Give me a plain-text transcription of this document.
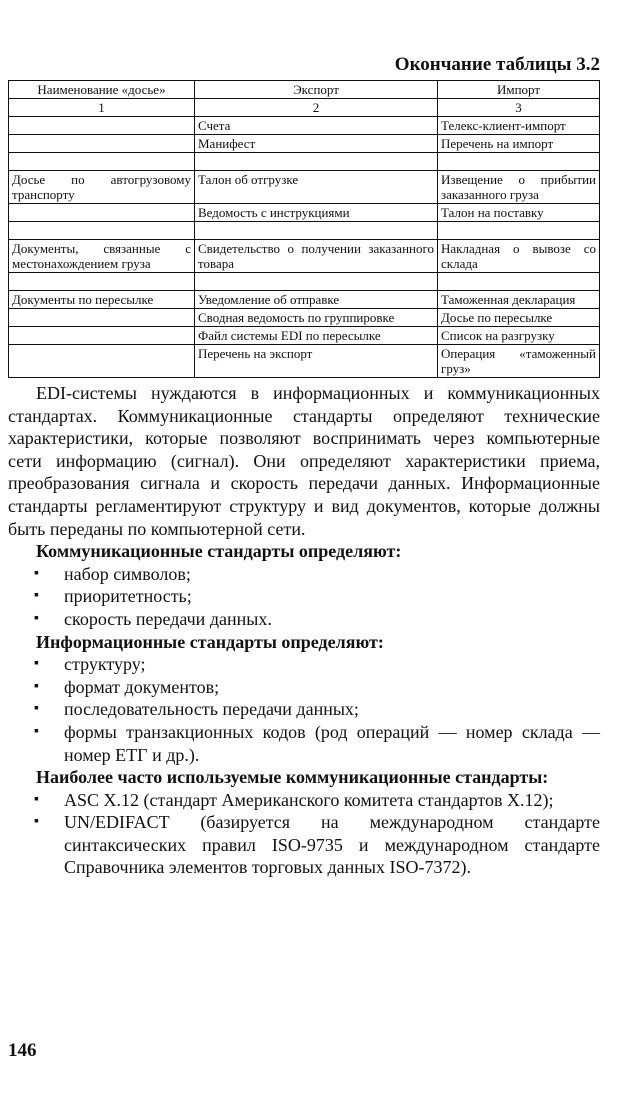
Окончание таблицы 3.2
Наименование «досье»	Экспорт	Импорт
1	2	3
	Счета	Телекс-клиент-импорт
	Манифест	Перечень на импорт

Досье по автогрузовому транспорту	Талон об отгрузке	Извещение о прибытии заказанного груза
	Ведомость с инструкциями	Талон на поставку

Документы, связанные с местонахождением груза	Свидетельство о получении заказанного товара	Накладная о вывозе со склада

Документы по пересылке	Уведомление об отправке	Таможенная декларация
	Сводная ведомость по группировке	Досье по пересылке
	Файл системы EDI по пересылке	Список на разгрузку
	Перечень на экспорт	Операция «таможенный груз»

EDI-системы нуждаются в информационных и коммуникационных стандартах. Коммуникационные стандарты определяют технические характеристики, которые позволяют воспринимать через компьютерные сети информацию (сигнал). Они определяют характеристики приема, преобразования сигнала и скорость передачи данных. Информационные стандарты регламентируют структуру и вид документов, которые должны быть переданы по компьютерной сети.

Коммуникационные стандарты определяют:

▪ набор символов;
▪ приоритетность;
▪ скорость передачи данных.

Информационные стандарты определяют:

▪ структуру;
▪ формат документов;
▪ последовательность передачи данных;
▪ формы транзакционных кодов (род операций — номер склада — номер ЕТГ и др.).

Наиболее часто используемые коммуникационные стандарты:

▪ ASC X.12 (стандарт Американского комитета стандартов X.12);
▪ UN/EDIFACT (базируется на международном стандарте синтаксических правил ISO-9735 и международном стандарте Справочника элементов торговых данных ISO-7372).
146
